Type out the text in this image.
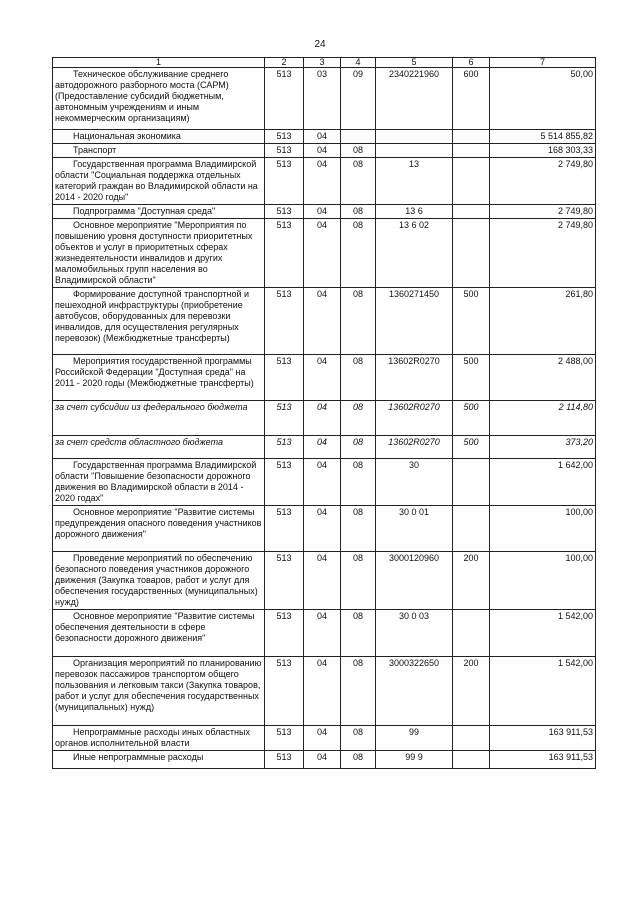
24
1	2	3	4	5	6	7
Техническое обслуживание среднего автодорожного разборного моста (САРМ) (Предоставление субсидий бюджетным, автономным учреждениям и иным некоммерческим организациям)	513	03	09	2340221960	600	50,00
Национальная экономика	513	04				5 514 855,82
Транспорт	513	04	08			168 303,33
Государственная программа Владимирской области "Социальная поддержка отдельных категорий граждан во Владимирской области на 2014 - 2020 годы"	513	04	08	13		2 749,80
Подпрограмма "Доступная среда"	513	04	08	13 6		2 749,80
Основное мероприятие "Мероприятия по повышению уровня доступности приоритетных объектов и услуг в приоритетных сферах жизнедеятельности инвалидов и других маломобильных групп населения во Владимирской области"	513	04	08	13 6 02		2 749,80
Формирование доступной транспортной и пешеходной инфраструктуры (приобретение автобусов, оборудованных для перевозки инвалидов, для осуществления регулярных перевозок) (Межбюджетные трансферты)	513	04	08	1360271450	500	261,80
Мероприятия государственной программы Российской Федерации "Доступная среда" на 2011 - 2020 годы (Межбюджетные трансферты)	513	04	08	13602R0270	500	2 488,00
за счет субсидии из федерального бюджета	513	04	08	13602R0270	500	2 114,80
за счет средств областного бюджета	513	04	08	13602R0270	500	373,20
Государственная программа Владимирской области "Повышение безопасности дорожного движения во Владимирской области в 2014 - 2020 годах"	513	04	08	30		1 642,00
Основное мероприятие "Развитие системы предупреждения опасного поведения участников дорожного движения"	513	04	08	30 0 01		100,00
Проведение мероприятий по обеспечению безопасного поведения участников дорожного движения (Закупка товаров, работ и услуг для обеспечения государственных (муниципальных) нужд)	513	04	08	3000120960	200	100,00
Основное мероприятие "Развитие системы обеспечения деятельности в сфере безопасности дорожного движения"	513	04	08	30 0 03		1 542,00
Организация мероприятий по планированию перевозок пассажиров транспортом общего пользования и легковым такси (Закупка товаров, работ и услуг для обеспечения государственных (муниципальных) нужд)	513	04	08	3000322650	200	1 542,00
Непрограммные расходы иных областных органов исполнительной власти	513	04	08	99		163 911,53
Иные непрограммные расходы	513	04	08	99 9		163 911,53
